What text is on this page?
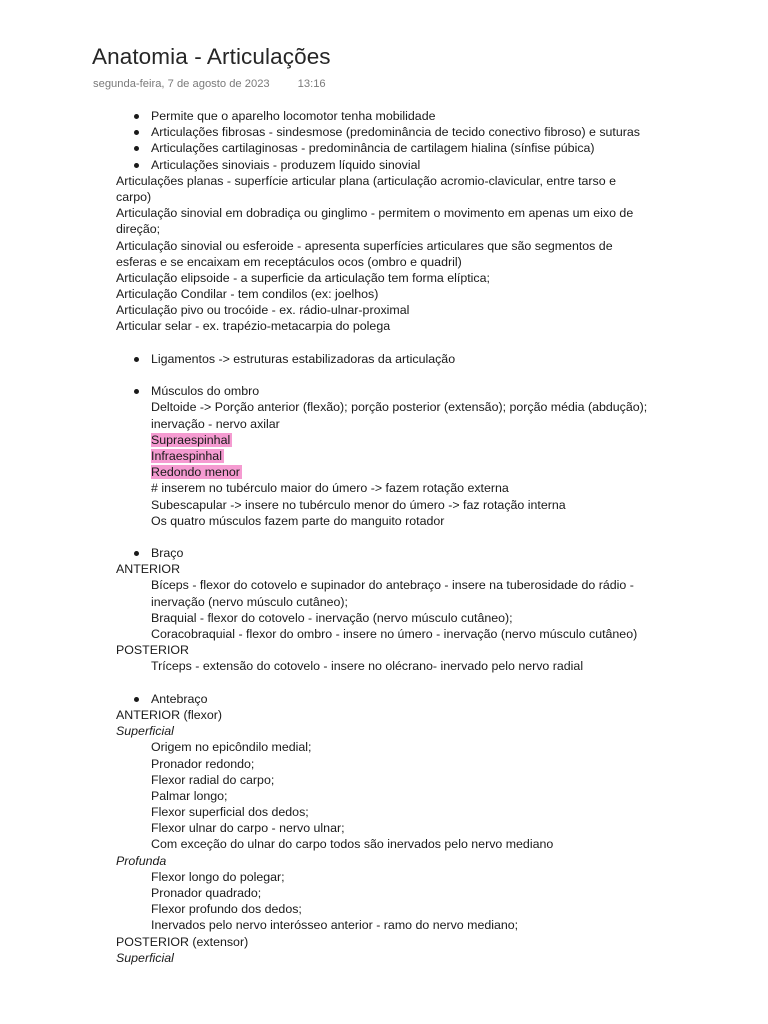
Anatomia - Articulações
segunda-feira, 7 de agosto de 2023	13:16
Permite que o aparelho locomotor tenha mobilidade
Articulações fibrosas - sindesmose (predominância de tecido conectivo fibroso) e suturas
Articulações cartilaginosas - predominância de cartilagem hialina (sínfise púbica)
Articulações sinoviais - produzem líquido sinovial
Articulações planas - superfície articular plana (articulação acromio-clavicular, entre tarso e
carpo)
Articulação sinovial em dobradiça ou ginglimo - permitem o movimento em apenas um eixo de
direção;
Articulação sinovial ou esferoide - apresenta superfícies articulares que são segmentos de
esferas e se encaixam em receptáculos ocos (ombro e quadril)
Articulação elipsoide - a superficie da articulação tem forma elíptica;
Articulação Condilar - tem condilos (ex: joelhos)
Articulação pivo ou trocóide - ex. rádio-ulnar-proximal
Articular selar - ex. trapézio-metacarpia do polega
Ligamentos -> estruturas estabilizadoras da articulação
Músculos do ombro
Deltoide -> Porção anterior (flexão); porção posterior (extensão); porção média (abdução);
inervação - nervo axilar
Supraespinhal
Infraespinhal
Redondo menor
# inserem no tubérculo maior do úmero -> fazem rotação externa
Subescapular -> insere no tubérculo menor do úmero -> faz rotação interna
Os quatro músculos fazem parte do manguito rotador
Braço
ANTERIOR
Bíceps - flexor do cotovelo e supinador do antebraço - insere na tuberosidade do rádio -
inervação (nervo músculo cutâneo);
Braquial - flexor do cotovelo - inervação (nervo músculo cutâneo);
Coracobraquial - flexor do ombro - insere no úmero - inervação (nervo músculo cutâneo)
POSTERIOR
Tríceps - extensão do cotovelo - insere no olécrano- inervado pelo nervo radial
Antebraço
ANTERIOR (flexor)
Superficial
Origem no epicôndilo medial;
Pronador redondo;
Flexor radial do carpo;
Palmar longo;
Flexor superficial dos dedos;
Flexor ulnar do carpo - nervo ulnar;
Com exceção do ulnar do carpo todos são inervados pelo nervo mediano
Profunda
Flexor longo do polegar;
Pronador quadrado;
Flexor profundo dos dedos;
Inervados pelo nervo interósseo anterior - ramo do nervo mediano;
POSTERIOR (extensor)
Superficial
